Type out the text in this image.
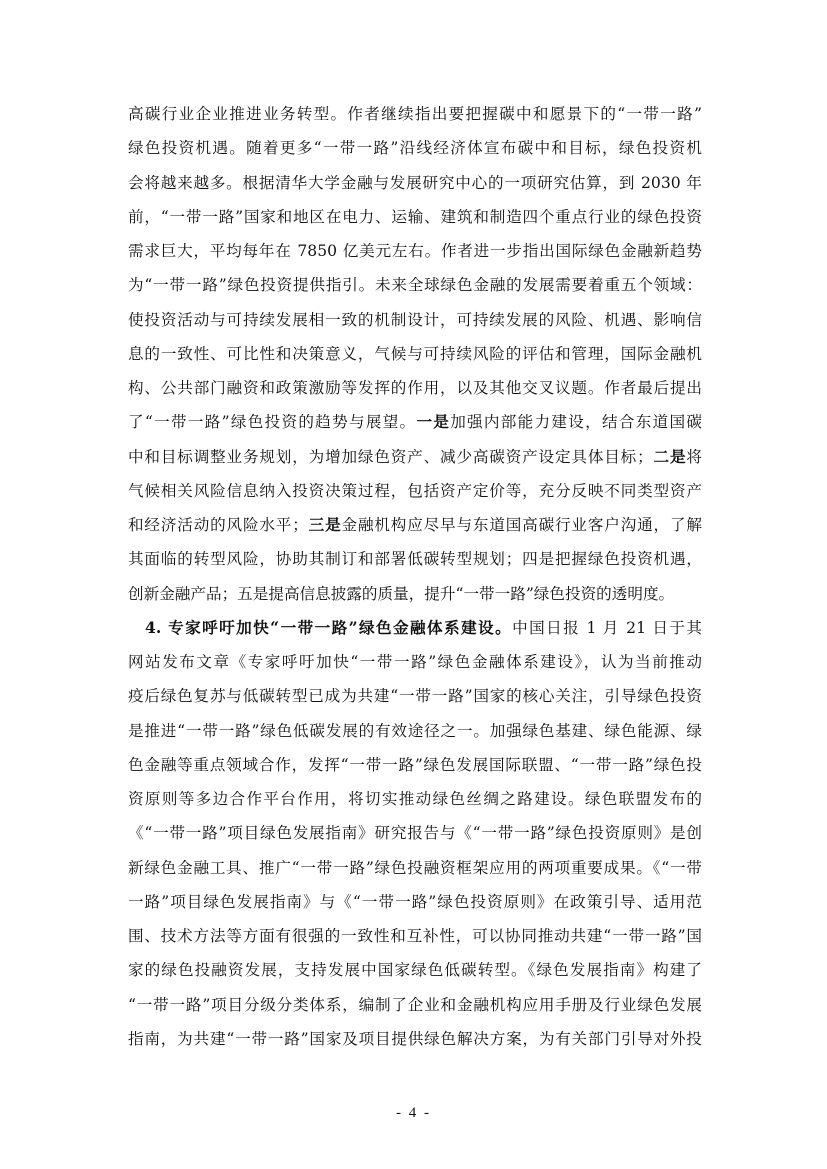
高碳行业企业推进业务转型。作者继续指出要把握碳中和愿景下的“一带一路”
绿色投资机遇。随着更多“一带一路”沿线经济体宣布碳中和目标，绿色投资机
会将越来越多。根据清华大学金融与发展研究中心的一项研究估算，到 2030 年
前，“一带一路”国家和地区在电力、运输、建筑和制造四个重点行业的绿色投资
需求巨大，平均每年在 7850 亿美元左右。作者进一步指出国际绿色金融新趋势
为“一带一路”绿色投资提供指引。未来全球绿色金融的发展需要着重五个领域：
使投资活动与可持续发展相一致的机制设计，可持续发展的风险、机遇、影响信
息的一致性、可比性和决策意义，气候与可持续风险的评估和管理，国际金融机
构、公共部门融资和政策激励等发挥的作用，以及其他交叉议题。作者最后提出
了“一带一路”绿色投资的趋势与展望。一是加强内部能力建设，结合东道国碳
中和目标调整业务规划，为增加绿色资产、减少高碳资产设定具体目标；二是将
气候相关风险信息纳入投资决策过程，包括资产定价等，充分反映不同类型资产
和经济活动的风险水平；三是金融机构应尽早与东道国高碳行业客户沟通，了解
其面临的转型风险，协助其制订和部署低碳转型规划；四是把握绿色投资机遇，
创新金融产品；五是提高信息披露的质量，提升“一带一路”绿色投资的透明度。
4. 专家呼吁加快“一带一路”绿色金融体系建设。中国日报 1 月 21 日于其
网站发布文章《专家呼吁加快“一带一路”绿色金融体系建设》，认为当前推动
疫后绿色复苏与低碳转型已成为共建“一带一路”国家的核心关注，引导绿色投资
是推进“一带一路”绿色低碳发展的有效途径之一。加强绿色基建、绿色能源、绿
色金融等重点领域合作，发挥“一带一路”绿色发展国际联盟、“一带一路”绿色投
资原则等多边合作平台作用，将切实推动绿色丝绸之路建设。绿色联盟发布的
《“一带一路”项目绿色发展指南》研究报告与《“一带一路”绿色投资原则》是创
新绿色金融工具、推广“一带一路”绿色投融资框架应用的两项重要成果。《“一带
一路”项目绿色发展指南》与《“一带一路”绿色投资原则》在政策引导、适用范
围、技术方法等方面有很强的一致性和互补性，可以协同推动共建“一带一路”国
家的绿色投融资发展，支持发展中国家绿色低碳转型。《绿色发展指南》构建了
“一带一路”项目分级分类体系，编制了企业和金融机构应用手册及行业绿色发展
指南，为共建“一带一路”国家及项目提供绿色解决方案，为有关部门引导对外投
- 4 -
